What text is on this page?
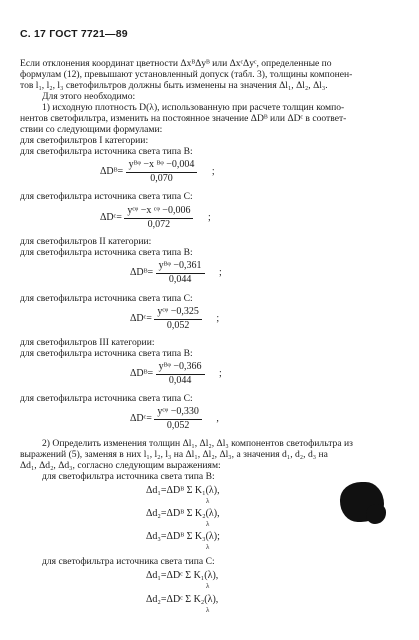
С. 17 ГОСТ 7721—89
Если отклонения координат цветности ΔxᴮΔyᴮ или ΔxᶜΔyᶜ, определенные по
формулам (12), превышают установленный допуск (табл. 3), толщины компонен-
тов l₁, l₂, l₃ светофильтров должны быть изменены на значения Δl₁, Δl₂, Δl₃.
Для этого необходимо:
1) исходную плотность D(λ), использованную при расчете толщин компо-
нентов светофильтра, изменить на постоянное значение ΔDᴮ или ΔDᶜ в соответ-
ствии со следующими формулами:
для светофильтров I категории:
для светофильтра источника света типа В:
ΔDᴮ= $\frac{\text{yᴮᵠ −x ᴮᵠ −0,004}}{0,070}$ ;
для светофильтра источника света типа С:
ΔDᶜ= $\frac{\text{yᶜᵠ −x ᶜᵠ −0,006}}{0,072}$ ;
для светофильтров II категории:
для светофильтра источника света типа В:
ΔDᴮ= $\frac{\text{yᴮᵠ −0,361}}{0,044}$ ;
для светофильтра источника света типа С:
ΔDᶜ= $\frac{\text{yᶜᵠ −0,325}}{0,052}$ ;
для светофильтров III категории:
для светофильтра источника света типа В:
ΔDᴮ= $\frac{\text{yᴮᵠ −0,366}}{0,044}$ ;
для светофильтра источника света типа С:
ΔDᶜ= $\frac{\text{yᶜᵠ −0,330}}{0,052}$ ,
2) Определить изменения толщин Δl₁, Δl₂, Δl₃ компонентов светофильтра из
выражений (5), заменяя в них l₁, l₂, l₃ на Δl₁, Δl₂, Δl₃, а значения d₁, d₂, d₃ на
Δd₁, Δd₂, Δd₃, согласно следующим выражениям:
для светофильтра источника света типа В:
Δd₁=ΔDᴮ Σ K₁(λ),
λ
Δd₂=ΔDᴮ Σ K₂(λ),
λ
Δd₃=ΔDᴮ Σ K₃(λ);
λ
для светофильтра источника света типа С:
Δd₁=ΔDᶜ Σ K₁(λ),
λ
Δd₂=ΔDᶜ Σ K₂(λ),
λ
